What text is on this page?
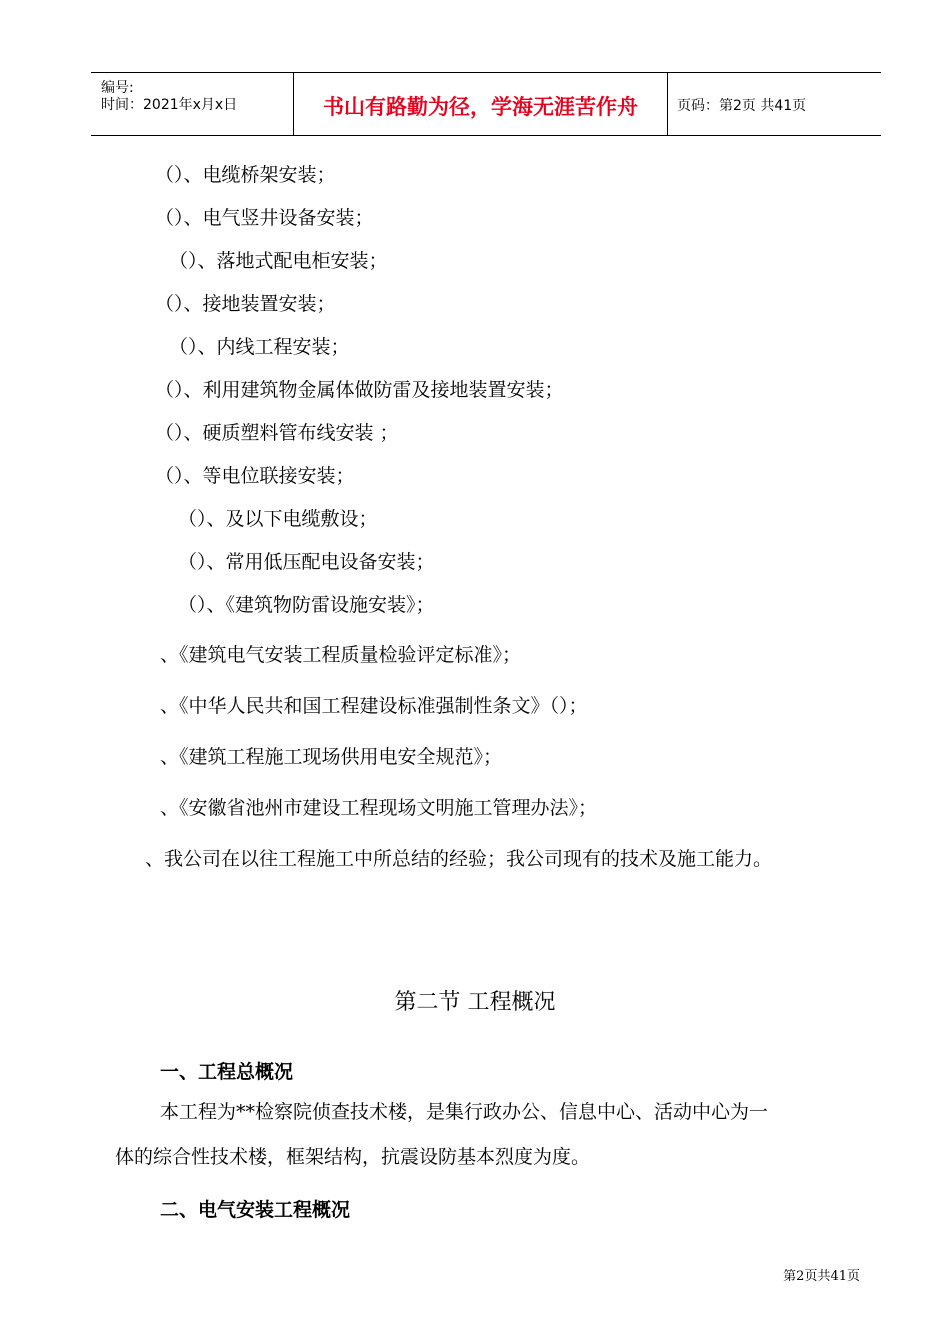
编号:
时间：2021年x月x日	书山有路勤为径，学海无涯苦作舟	页码：第2页 共41页
（）、电缆桥架安装；
（）、电气竖井设备安装；
（）、落地式配电柜安装；
（）、接地装置安装；
（）、内线工程安装；
（）、利用建筑物金属体做防雷及接地装置安装；
（）、硬质塑料管布线安装 ；
（）、等电位联接安装；
（）、及以下电缆敷设；
（）、常用低压配电设备安装；
（）、《建筑物防雷设施安装》；
、《建筑电气安装工程质量检验评定标准》；
、《中华人民共和国工程建设标准强制性条文》（）；
、《建筑工程施工现场供用电安全规范》；
、《安徽省池州市建设工程现场文明施工管理办法》；
、我公司在以往工程施工中所总结的经验；我公司现有的技术及施工能力。
第二节 工程概况
一、工程总概况
本工程为**检察院侦查技术楼，是集行政办公、信息中心、活动中心为一
体的综合性技术楼，框架结构，抗震设防基本烈度为度。
二、电气安装工程概况
第2页共41页
